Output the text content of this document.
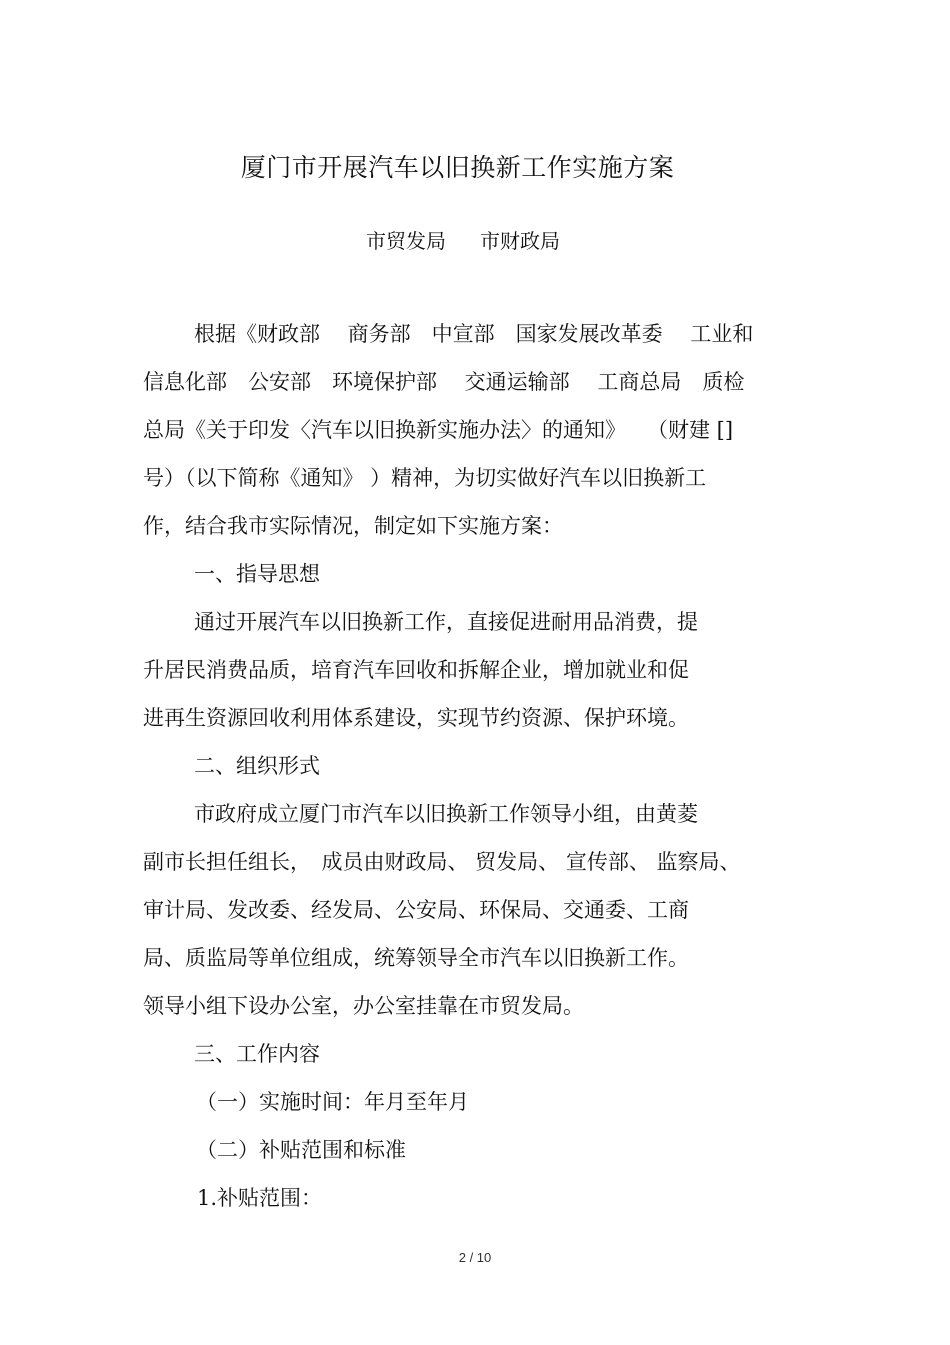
厦门市开展汽车以旧换新工作实施方案
市贸发局 市财政局
根据《财政部　 商务部　中宣部　国家发展改革委　 工业和
信息化部　公安部　环境保护部　 交通运输部　 工商总局　质检
总局《关于印发〈汽车以旧换新实施办法〉的通知》　　（财建 []
号）（以下简称《通知》 ）精神，为切实做好汽车以旧换新工
作，结合我市实际情况，制定如下实施方案：
一、指导思想
通过开展汽车以旧换新工作，直接促进耐用品消费，提
升居民消费品质，培育汽车回收和拆解企业，增加就业和促
进再生资源回收利用体系建设，实现节约资源、保护环境。
二、组织形式
市政府成立厦门市汽车以旧换新工作领导小组，由黄菱
副市长担任组长，　成员由财政局、 贸发局、 宣传部、 监察局、
审计局、发改委、经发局、公安局、环保局、交通委、工商
局、质监局等单位组成，统筹领导全市汽车以旧换新工作。
领导小组下设办公室，办公室挂靠在市贸发局。
三、工作内容
（一）实施时间：年月至年月
（二）补贴范围和标准
1.补贴范围：
2 / 10
